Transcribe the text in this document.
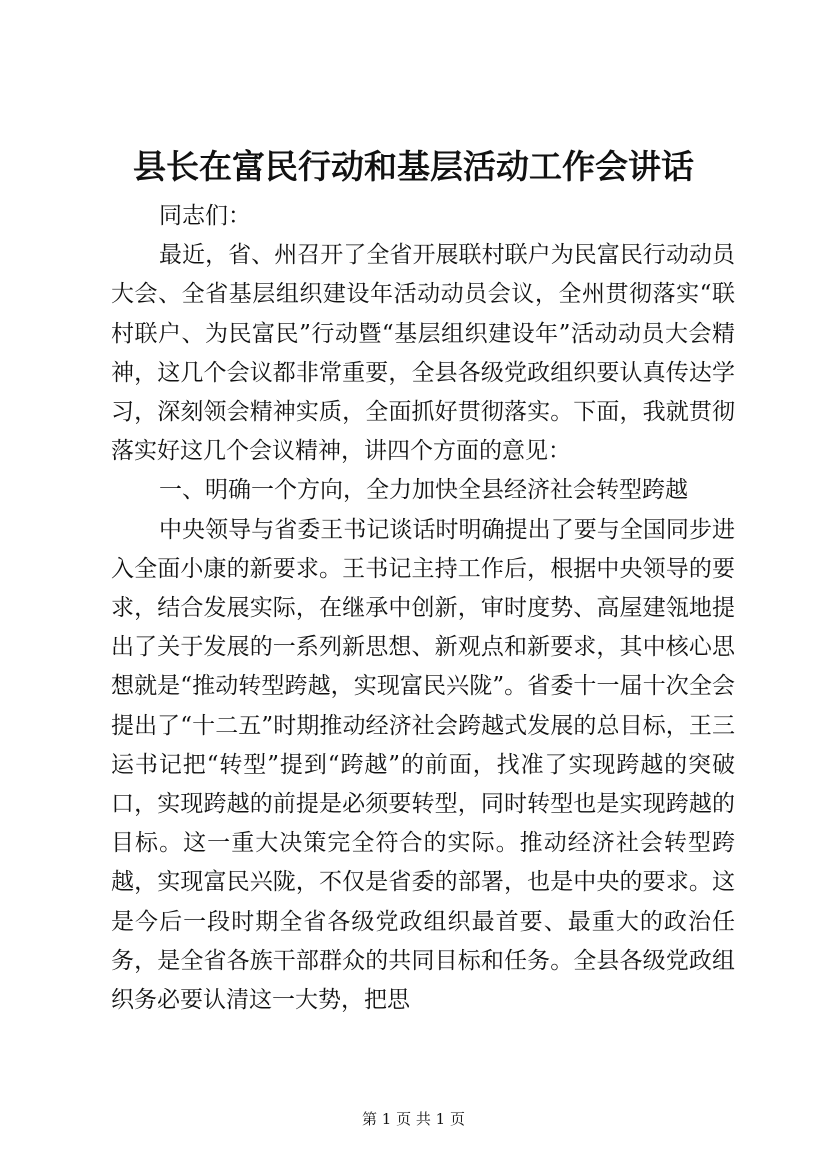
县长在富民行动和基层活动工作会讲话

同志们：

最近，省、州召开了全省开展联村联户为民富民行动动员大会、全省基层组织建设年活动动员会议，全州贯彻落实“联村联户、为民富民”行动暨“基层组织建设年”活动动员大会精神，这几个会议都非常重要，全县各级党政组织要认真传达学习，深刻领会精神实质，全面抓好贯彻落实。下面，我就贯彻落实好这几个会议精神，讲四个方面的意见：

一、明确一个方向，全力加快全县经济社会转型跨越

中央领导与省委王书记谈话时明确提出了要与全国同步进入全面小康的新要求。王书记主持工作后，根据中央领导的要求，结合发展实际，在继承中创新，审时度势、高屋建瓴地提出了关于发展的一系列新思想、新观点和新要求，其中核心思想就是“推动转型跨越，实现富民兴陇”。省委十一届十次全会提出了“十二五”时期推动经济社会跨越式发展的总目标，王三运书记把“转型”提到“跨越”的前面，找准了实现跨越的突破口，实现跨越的前提是必须要转型，同时转型也是实现跨越的目标。这一重大决策完全符合的实际。推动经济社会转型跨越，实现富民兴陇，不仅是省委的部署，也是中央的要求。这是今后一段时期全省各级党政组织最首要、最重大的政治任务，是全省各族干部群众的共同目标和任务。全县各级党政组织务必要认清这一大势，把思

第 1 页 共 1 页
